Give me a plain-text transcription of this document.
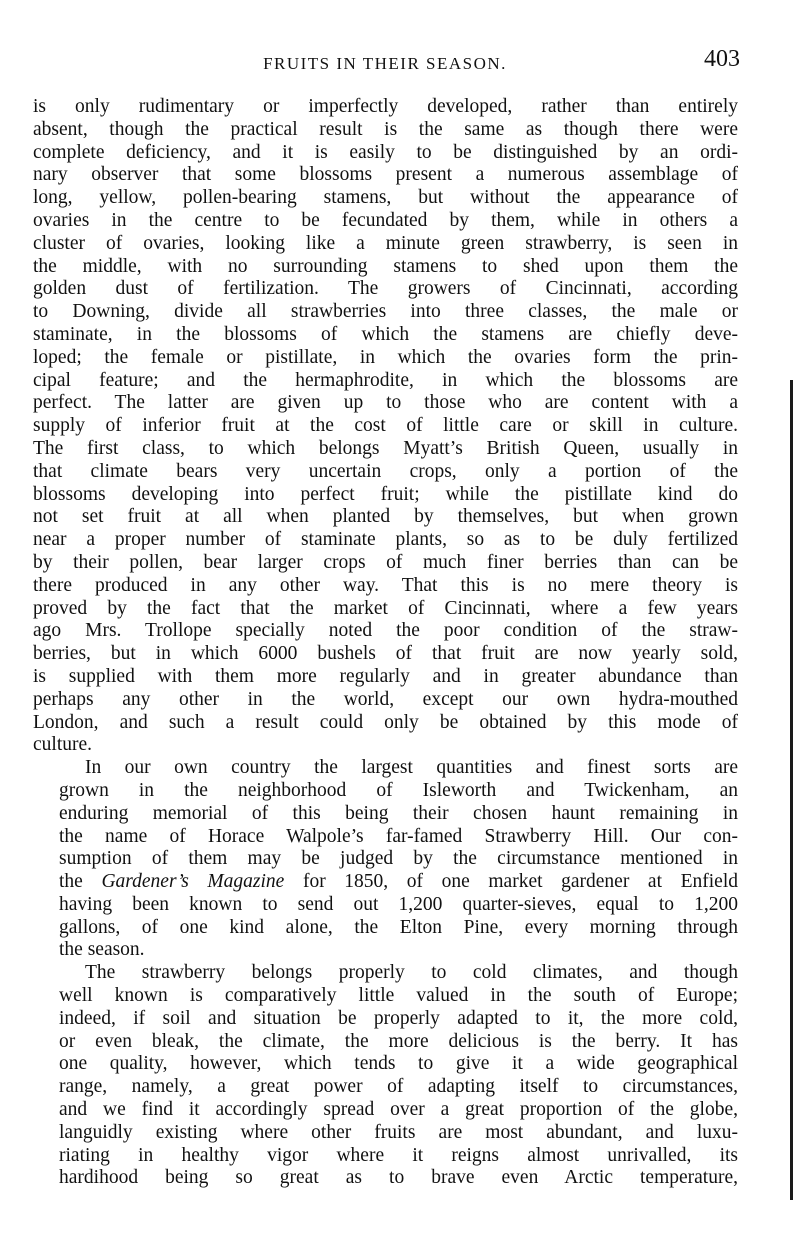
FRUITS IN THEIR SEASON.	403
is only rudimentary or imperfectly developed, rather than entirely
absent, though the practical result is the same as though there were
complete deficiency, and it is easily to be distinguished by an ordi-
nary observer that some blossoms present a numerous assemblage of
long, yellow, pollen-bearing stamens, but without the appearance of
ovaries in the centre to be fecundated by them, while in others a
cluster of ovaries, looking like a minute green strawberry, is seen in
the middle, with no surrounding stamens to shed upon them the
golden dust of fertilization. The growers of Cincinnati, according
to Downing, divide all strawberries into three classes, the male or
staminate, in the blossoms of which the stamens are chiefly deve-
loped; the female or pistillate, in which the ovaries form the prin-
cipal feature; and the hermaphrodite, in which the blossoms are
perfect. The latter are given up to those who are content with a
supply of inferior fruit at the cost of little care or skill in culture.
The first class, to which belongs Myatt’s British Queen, usually in
that climate bears very uncertain crops, only a portion of the
blossoms developing into perfect fruit; while the pistillate kind do
not set fruit at all when planted by themselves, but when grown
near a proper number of staminate plants, so as to be duly fertilized
by their pollen, bear larger crops of much finer berries than can be
there produced in any other way. That this is no mere theory is
proved by the fact that the market of Cincinnati, where a few years
ago Mrs. Trollope specially noted the poor condition of the straw-
berries, but in which 6000 bushels of that fruit are now yearly sold,
is supplied with them more regularly and in greater abundance than
perhaps any other in the world, except our own hydra-mouthed
London, and such a result could only be obtained by this mode of
culture.
In our own country the largest quantities and finest sorts are
grown in the neighborhood of Isleworth and Twickenham, an
enduring memorial of this being their chosen haunt remaining in
the name of Horace Walpole’s far-famed Strawberry Hill. Our con-
sumption of them may be judged by the circumstance mentioned in
the Gardener’s Magazine for 1850, of one market gardener at Enfield
having been known to send out 1,200 quarter-sieves, equal to 1,200
gallons, of one kind alone, the Elton Pine, every morning through
the season.
The strawberry belongs properly to cold climates, and though
well known is comparatively little valued in the south of Europe;
indeed, if soil and situation be properly adapted to it, the more cold,
or even bleak, the climate, the more delicious is the berry. It has
one quality, however, which tends to give it a wide geographical
range, namely, a great power of adapting itself to circumstances,
and we find it accordingly spread over a great proportion of the globe,
languidly existing where other fruits are most abundant, and luxu-
riating in healthy vigor where it reigns almost unrivalled, its
hardihood being so great as to brave even Arctic temperature,
